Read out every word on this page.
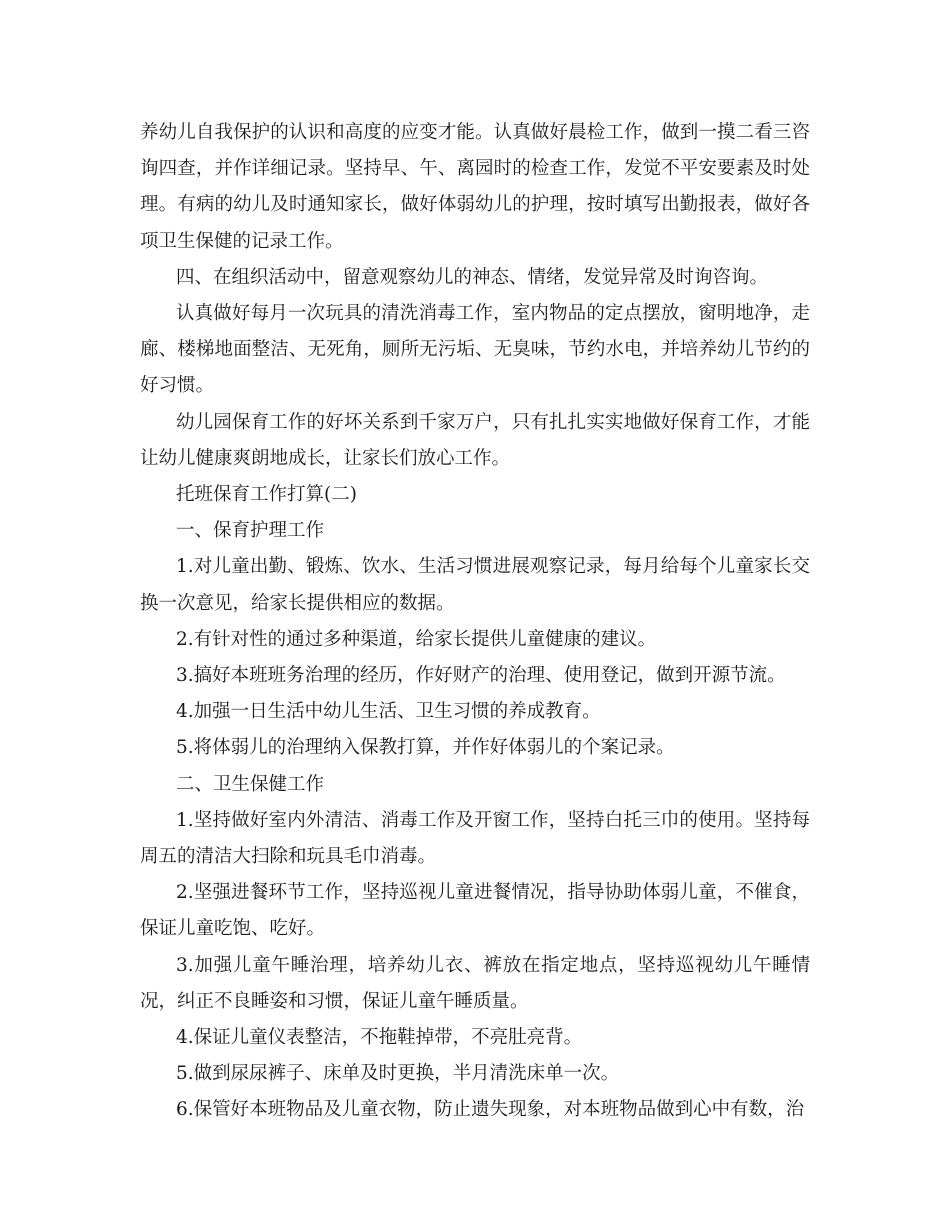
养幼儿自我保护的认识和高度的应变才能。认真做好晨检工作，做到一摸二看三咨询四查，并作详细记录。坚持早、午、离园时的检查工作，发觉不平安要素及时处理。有病的幼儿及时通知家长，做好体弱幼儿的护理，按时填写出勤报表，做好各项卫生保健的记录工作。

四、在组织活动中，留意观察幼儿的神态、情绪，发觉异常及时询咨询。

认真做好每月一次玩具的清洗消毒工作，室内物品的定点摆放，窗明地净，走廊、楼梯地面整洁、无死角，厕所无污垢、无臭味，节约水电，并培养幼儿节约的好习惯。

幼儿园保育工作的好坏关系到千家万户，只有扎扎实实地做好保育工作，才能让幼儿健康爽朗地成长，让家长们放心工作。

托班保育工作打算(二)

一、保育护理工作

1.对儿童出勤、锻炼、饮水、生活习惯进展观察记录，每月给每个儿童家长交换一次意见，给家长提供相应的数据。

2.有针对性的通过多种渠道，给家长提供儿童健康的建议。

3.搞好本班班务治理的经历，作好财产的治理、使用登记，做到开源节流。

4.加强一日生活中幼儿生活、卫生习惯的养成教育。

5.将体弱儿的治理纳入保教打算，并作好体弱儿的个案记录。

二、卫生保健工作

1.坚持做好室内外清洁、消毒工作及开窗工作，坚持白托三巾的使用。坚持每周五的清洁大扫除和玩具毛巾消毒。

2.坚强进餐环节工作，坚持巡视儿童进餐情况，指导协助体弱儿童，不催食，保证儿童吃饱、吃好。

3.加强儿童午睡治理，培养幼儿衣、裤放在指定地点，坚持巡视幼儿午睡情况，纠正不良睡姿和习惯，保证儿童午睡质量。

4.保证儿童仪表整洁，不拖鞋掉带，不亮肚亮背。

5.做到尿尿裤子、床单及时更换，半月清洗床单一次。

6.保管好本班物品及儿童衣物，防止遗失现象，对本班物品做到心中有数，治
